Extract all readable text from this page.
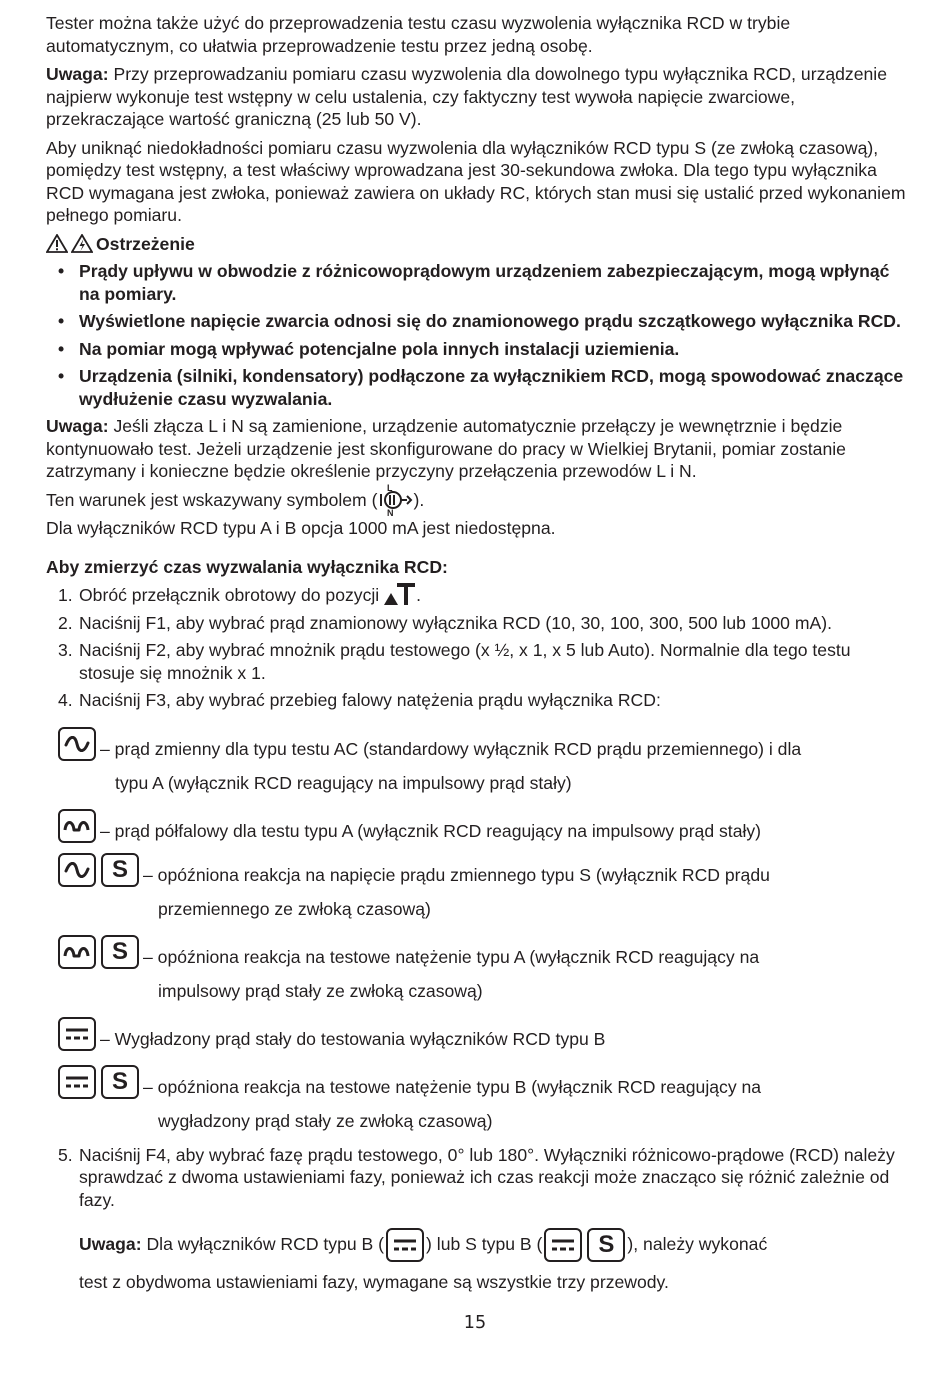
Tester można także użyć do przeprowadzenia testu czasu wyzwolenia wyłącznika RCD w trybie automatycznym, co ułatwia przeprowadzenie testu przez jedną osobę.

Uwaga: Przy przeprowadzaniu pomiaru czasu wyzwolenia dla dowolnego typu wyłącznika RCD, urządzenie najpierw wykonuje test wstępny w celu ustalenia, czy faktyczny test wywoła napięcie zwarciowe, przekraczające wartość graniczną (25 lub 50 V).

Aby uniknąć niedokładności pomiaru czasu wyzwolenia dla wyłączników RCD typu S (ze zwłoką czasową), pomiędzy test wstępny, a test właściwy wprowadzana jest 30-sekundowa zwłoka. Dla tego typu wyłącznika RCD wymagana jest zwłoka, ponieważ zawiera on układy RC, których stan musi się ustalić przed wykonaniem pełnego pomiaru.

Ostrzeżenie
• Prądy upływu w obwodzie z różnicowoprądowym urządzeniem zabezpieczającym, mogą wpłynąć na pomiary.
• Wyświetlone napięcie zwarcia odnosi się do znamionowego prądu szczątkowego wyłącznika RCD.
• Na pomiar mogą wpływać potencjalne pola innych instalacji uziemienia.
• Urządzenia (silniki, kondensatory) podłączone za wyłącznikiem RCD, mogą spowodować znaczące wydłużenie czasu wyzwalania.

Uwaga: Jeśli złącza L i N są zamienione, urządzenie automatycznie przełączy je wewnętrznie i będzie kontynuowało test. Jeżeli urządzenie jest skonfigurowane do pracy w Wielkiej Brytanii, pomiar zostanie zatrzymany i konieczne będzie określenie przyczyny przełączenia przewodów L i N.

Ten warunek jest wskazywany symbolem (
L
N
).

Dla wyłączników RCD typu A i B opcja 1000 mA jest niedostępna.

Aby zmierzyć czas wyzwalania wyłącznika RCD:
1. Obróć przełącznik obrotowy do pozycji .
2. Naciśnij F1, aby wybrać prąd znamionowy wyłącznika RCD (10, 30, 100, 300, 500 lub 1000 mA).
3. Naciśnij F2, aby wybrać mnożnik prądu testowego (x ½, x 1, x 5 lub Auto). Normalnie dla tego testu stosuje się mnożnik x 1.
4. Naciśnij F3, aby wybrać przebieg falowy natężenia prądu wyłącznika RCD:
– prąd zmienny dla typu testu AC (standardowy wyłącznik RCD prądu przemiennego) i dla
typu A (wyłącznik RCD reagujący na impulsowy prąd stały)
– prąd półfalowy dla testu typu A (wyłącznik RCD reagujący na impulsowy prąd stały)
S – opóźniona reakcja na napięcie prądu zmiennego typu S (wyłącznik RCD prądu
przemiennego ze zwłoką czasową)
S – opóźniona reakcja na testowe natężenie typu A (wyłącznik RCD reagujący na
impulsowy prąd stały ze zwłoką czasową)
– Wygładzony prąd stały do testowania wyłączników RCD typu B
S – opóźniona reakcja na testowe natężenie typu B (wyłącznik RCD reagujący na
wygładzony prąd stały ze zwłoką czasową)
5. Naciśnij F4, aby wybrać fazę prądu testowego, 0° lub 180°. Wyłączniki różnicowo-prądowe (RCD) należy sprawdzać z dwoma ustawieniami fazy, ponieważ ich czas reakcji może znacząco się różnić zależnie od fazy.
Uwaga: Dla wyłączników RCD typu B ( ) lub S typu B (	S ), należy wykonać
test z obydwoma ustawieniami fazy, wymagane są wszystkie trzy przewody.
15
